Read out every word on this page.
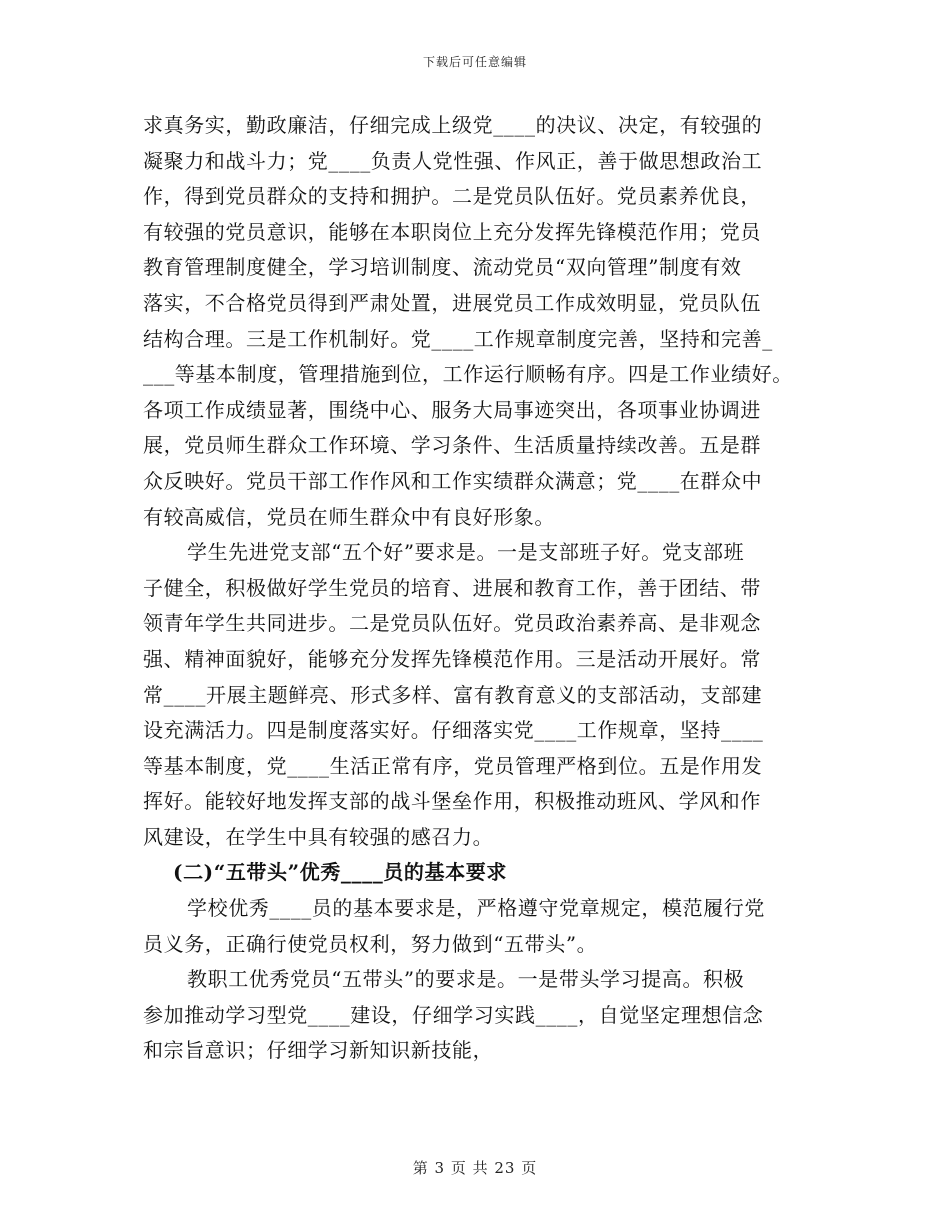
下载后可任意编辑
求真务实，勤政廉洁，仔细完成上级党____的决议、决定，有较强的
凝聚力和战斗力；党____负责人党性强、作风正，善于做思想政治工
作，得到党员群众的支持和拥护。二是党员队伍好。党员素养优良，
有较强的党员意识，能够在本职岗位上充分发挥先锋模范作用；党员
教育管理制度健全，学习培训制度、流动党员“双向管理”制度有效
落实，不合格党员得到严肃处置，进展党员工作成效明显，党员队伍
结构合理。三是工作机制好。党____工作规章制度完善，坚持和完善_
___等基本制度，管理措施到位，工作运行顺畅有序。四是工作业绩好。
各项工作成绩显著，围绕中心、服务大局事迹突出，各项事业协调进
展，党员师生群众工作环境、学习条件、生活质量持续改善。五是群
众反映好。党员干部工作作风和工作实绩群众满意；党____在群众中
有较高威信，党员在师生群众中有良好形象。
学生先进党支部“五个好”要求是。一是支部班子好。党支部班
子健全，积极做好学生党员的培育、进展和教育工作，善于团结、带
领青年学生共同进步。二是党员队伍好。党员政治素养高、是非观念
强、精神面貌好，能够充分发挥先锋模范作用。三是活动开展好。常
常____开展主题鲜亮、形式多样、富有教育意义的支部活动，支部建
设充满活力。四是制度落实好。仔细落实党____工作规章，坚持____
等基本制度，党____生活正常有序，党员管理严格到位。五是作用发
挥好。能较好地发挥支部的战斗堡垒作用，积极推动班风、学风和作
风建设，在学生中具有较强的感召力。
(二)“五带头”优秀____员的基本要求
学校优秀____员的基本要求是，严格遵守党章规定，模范履行党
员义务，正确行使党员权利，努力做到“五带头”。
教职工优秀党员“五带头”的要求是。一是带头学习提高。积极
参加推动学习型党____建设，仔细学习实践____，自觉坚定理想信念
和宗旨意识；仔细学习新知识新技能，
第 3 页 共 23 页
